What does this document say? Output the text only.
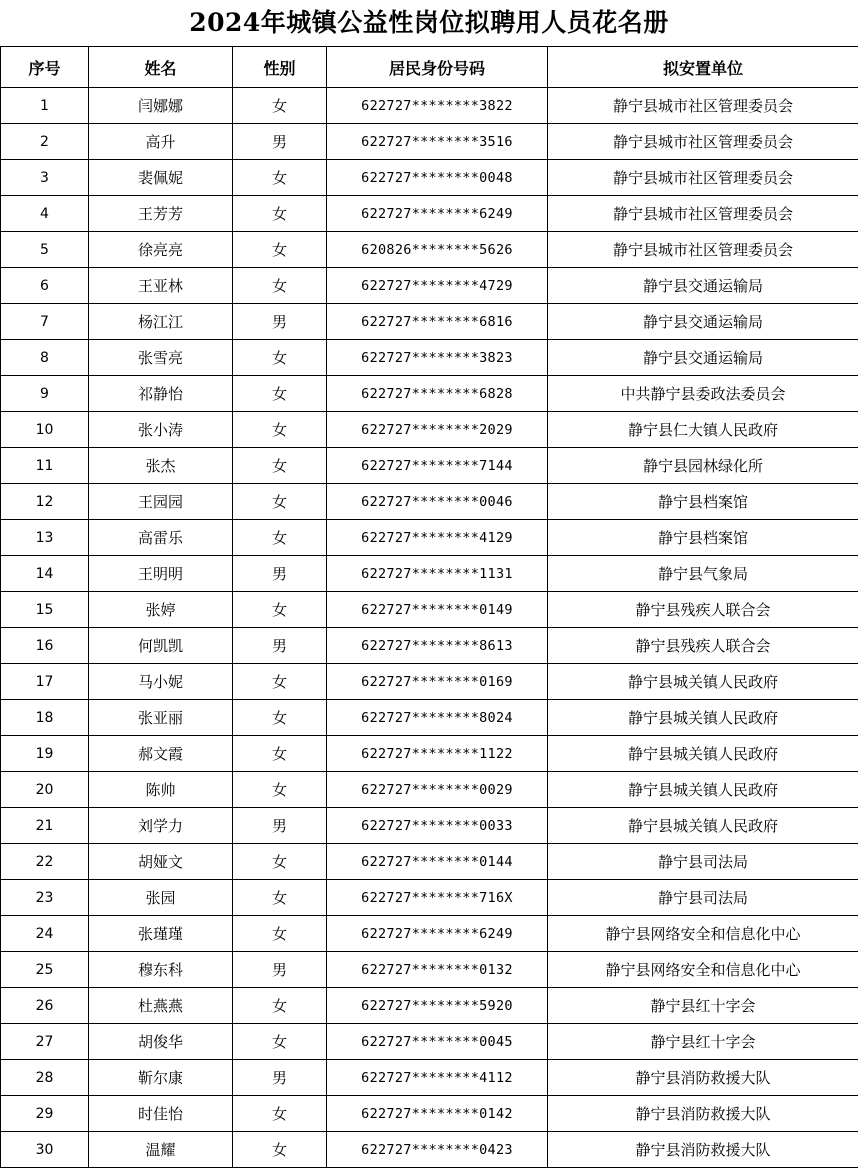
2024年城镇公益性岗位拟聘用人员花名册
序号	姓名	性别	居民身份号码	拟安置单位
1	闫娜娜	女	622727********3822	静宁县城市社区管理委员会
2	高升	男	622727********3516	静宁县城市社区管理委员会
3	裴佩妮	女	622727********0048	静宁县城市社区管理委员会
4	王芳芳	女	622727********6249	静宁县城市社区管理委员会
5	徐亮亮	女	620826********5626	静宁县城市社区管理委员会
6	王亚林	女	622727********4729	静宁县交通运输局
7	杨江江	男	622727********6816	静宁县交通运输局
8	张雪亮	女	622727********3823	静宁县交通运输局
9	祁静怡	女	622727********6828	中共静宁县委政法委员会
10	张小涛	女	622727********2029	静宁县仁大镇人民政府
11	张杰	女	622727********7144	静宁县园林绿化所
12	王园园	女	622727********0046	静宁县档案馆
13	高雷乐	女	622727********4129	静宁县档案馆
14	王明明	男	622727********1131	静宁县气象局
15	张婷	女	622727********0149	静宁县残疾人联合会
16	何凯凯	男	622727********8613	静宁县残疾人联合会
17	马小妮	女	622727********0169	静宁县城关镇人民政府
18	张亚丽	女	622727********8024	静宁县城关镇人民政府
19	郝文霞	女	622727********1122	静宁县城关镇人民政府
20	陈帅	女	622727********0029	静宁县城关镇人民政府
21	刘学力	男	622727********0033	静宁县城关镇人民政府
22	胡娅文	女	622727********0144	静宁县司法局
23	张园	女	622727********716X	静宁县司法局
24	张瑾瑾	女	622727********6249	静宁县网络安全和信息化中心
25	穆东科	男	622727********0132	静宁县网络安全和信息化中心
26	杜燕燕	女	622727********5920	静宁县红十字会
27	胡俊华	女	622727********0045	静宁县红十字会
28	靳尔康	男	622727********4112	静宁县消防救援大队
29	时佳怡	女	622727********0142	静宁县消防救援大队
30	温耀	女	622727********0423	静宁县消防救援大队
